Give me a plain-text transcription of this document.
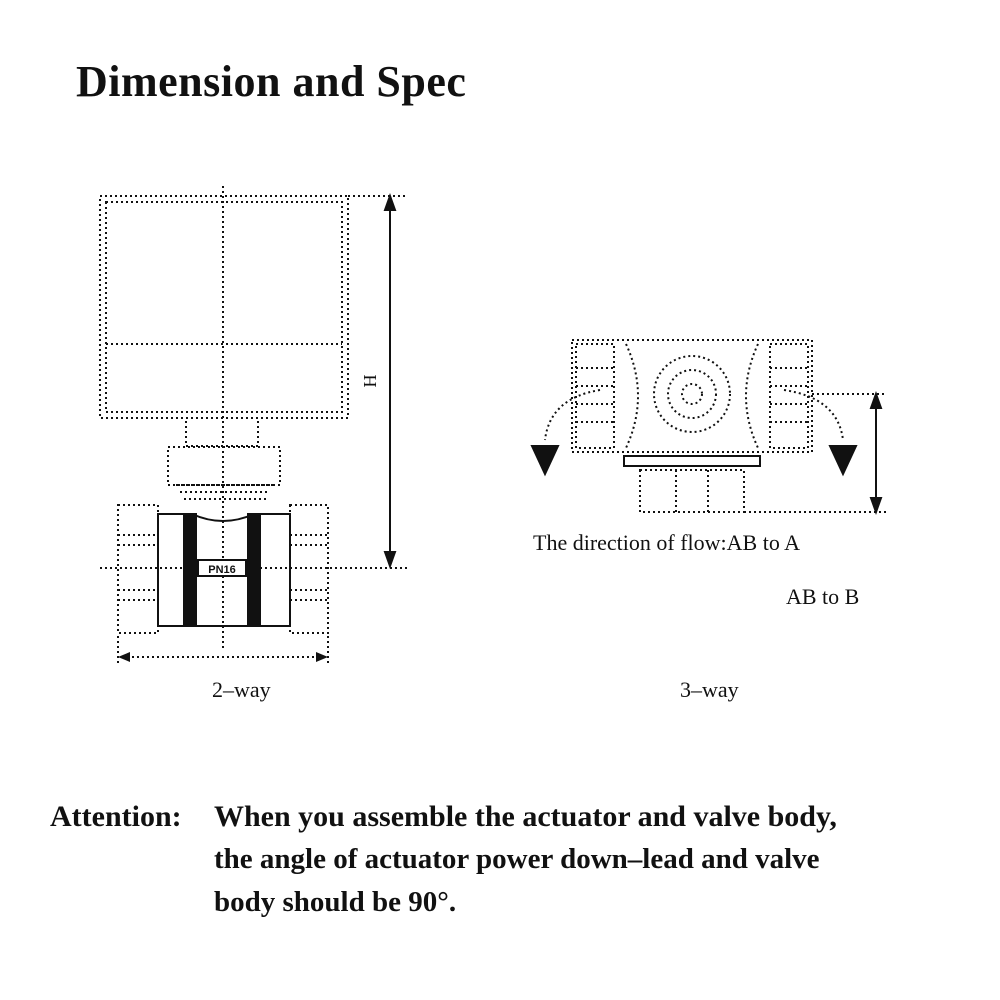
Dimension and Spec
PN16
H
2–way	3–way
The direction of flow:AB to A
AB to B
Attention: When you assemble the actuator and valve body,
the angle of actuator power down–lead and valve
body should be 90°.
